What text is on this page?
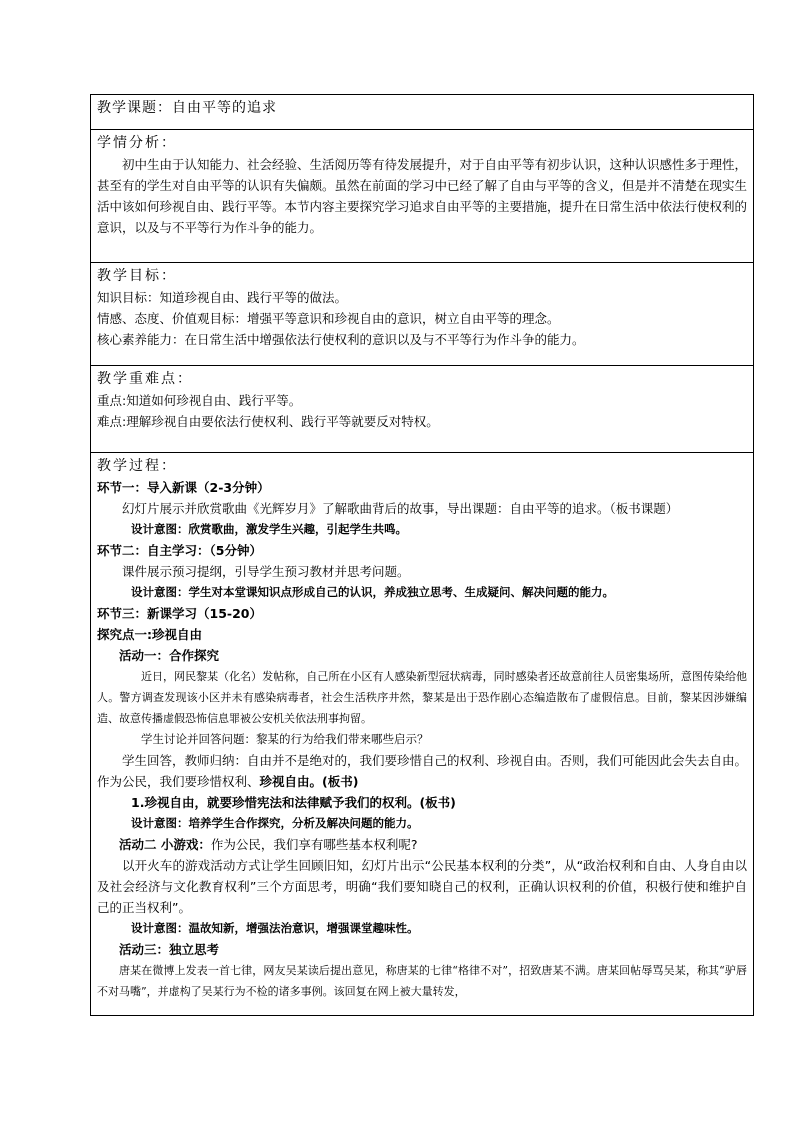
教学课题：自由平等的追求

学情分析：

初中生由于认知能力、社会经验、生活阅历等有待发展提升，对于自由平等有初步认识，这种认识感性多于理性，甚至有的学生对自由平等的认识有失偏颇。虽然在前面的学习中已经了解了自由与平等的含义，但是并不清楚在现实生活中该如何珍视自由、践行平等。本节内容主要探究学习追求自由平等的主要措施，提升在日常生活中依法行使权利的意识，以及与不平等行为作斗争的能力。

教学目标：

知识目标：知道珍视自由、践行平等的做法。

情感、态度、价值观目标：增强平等意识和珍视自由的意识，树立自由平等的理念。

核心素养能力：在日常生活中增强依法行使权利的意识以及与不平等行为作斗争的能力。

教学重难点：

重点:知道如何珍视自由、践行平等。

难点:理解珍视自由要依法行使权利、践行平等就要反对特权。

教学过程：

环节一：导入新课（2-3分钟）

幻灯片展示并欣赏歌曲《光辉岁月》了解歌曲背后的故事，导出课题：自由平等的追求。（板书课题）

设计意图：欣赏歌曲，激发学生兴趣，引起学生共鸣。

环节二：自主学习：（5分钟）

课件展示预习提纲，引导学生预习教材并思考问题。

设计意图：学生对本堂课知识点形成自己的认识，养成独立思考、生成疑问、解决问题的能力。

环节三：新课学习（15-20）

探究点一:珍视自由

活动一：合作探究

近日，网民黎某（化名）发帖称，自己所在小区有人感染新型冠状病毒，同时感染者还故意前往人员密集场所，意图传染给他人。警方调查发现该小区并未有感染病毒者，社会生活秩序井然，黎某是出于恐作剧心态编造散布了虚假信息。目前，黎某因涉嫌编造、故意传播虚假恐怖信息罪被公安机关依法刑事拘留。

学生讨论并回答问题：黎某的行为给我们带来哪些启示？

学生回答，教师归纳：自由并不是绝对的，我们要珍惜自己的权利、珍视自由。否则，我们可能因此会失去自由。作为公民，我们要珍惜权利、珍视自由。(板书)

1.珍视自由，就要珍惜宪法和法律赋予我们的权利。(板书)

设计意图：培养学生合作探究，分析及解决问题的能力。

活动二 小游戏：作为公民，我们享有哪些基本权利呢?

以开火车的游戏活动方式让学生回顾旧知，幻灯片出示“公民基本权利的分类”，从“政治权利和自由、人身自由以及社会经济与文化教育权利”三个方面思考，明确“我们要知晓自己的权利，正确认识权利的价值，积极行使和维护自己的正当权利”。

设计意图：温故知新，增强法治意识，增强课堂趣味性。

活动三：独立思考

唐某在微博上发表一首七律，网友吴某读后提出意见，称唐某的七律“格律不对”，招致唐某不满。唐某回帖辱骂吴某，称其“驴唇不对马嘴”，并虚构了吴某行为不检的诸多事例。该回复在网上被大量转发，
